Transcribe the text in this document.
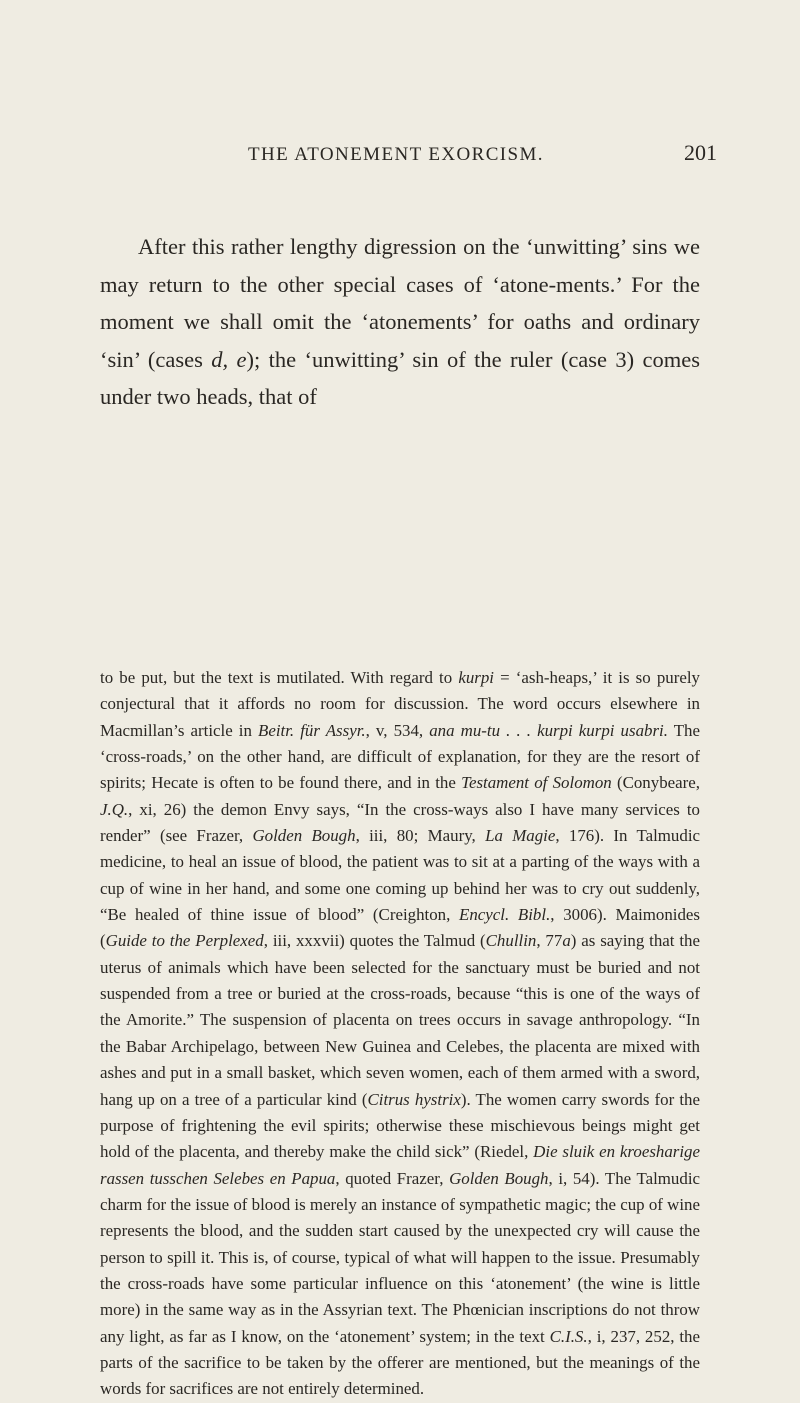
THE ATONEMENT EXORCISM.	201

After this rather lengthy digression on the ‘unwitting’ sins we may return to the other special cases of ‘atone-ments.’ For the moment we shall omit the ‘atonements’ for oaths and ordinary ‘sin’ (cases d, e); the ‘unwitting’ sin of the ruler (case 3) comes under two heads, that of

to be put, but the text is mutilated. With regard to kurpi = ‘ash-heaps,’ it is so purely conjectural that it affords no room for discussion. The word occurs elsewhere in Macmillan’s article in Beitr. für Assyr., v, 534, ana mu-tu . . . kurpi kurpi usabri. The ‘cross-roads,’ on the other hand, are difficult of explanation, for they are the resort of spirits; Hecate is often to be found there, and in the Testament of Solomon (Conybeare, J.Q., xi, 26) the demon Envy says, “In the cross-ways also I have many services to render” (see Frazer, Golden Bough, iii, 80; Maury, La Magie, 176). In Talmudic medicine, to heal an issue of blood, the patient was to sit at a parting of the ways with a cup of wine in her hand, and some one coming up behind her was to cry out suddenly, “Be healed of thine issue of blood” (Creighton, Encycl. Bibl., 3006). Maimonides (Guide to the Perplexed, iii, xxxvii) quotes the Talmud (Chullin, 77a) as saying that the uterus of animals which have been selected for the sanctuary must be buried and not suspended from a tree or buried at the cross-roads, because “this is one of the ways of the Amorite.” The suspension of placenta on trees occurs in savage anthropology. “In the Babar Archipelago, between New Guinea and Celebes, the placenta are mixed with ashes and put in a small basket, which seven women, each of them armed with a sword, hang up on a tree of a particular kind (Citrus hystrix). The women carry swords for the purpose of frightening the evil spirits; otherwise these mischievous beings might get hold of the placenta, and thereby make the child sick” (Riedel, Die sluik en kroesharige rassen tusschen Selebes en Papua, quoted Frazer, Golden Bough, i, 54). The Talmudic charm for the issue of blood is merely an instance of sympathetic magic; the cup of wine represents the blood, and the sudden start caused by the unexpected cry will cause the person to spill it. This is, of course, typical of what will happen to the issue. Presumably the cross-roads have some particular influence on this ‘atonement’ (the wine is little more) in the same way as in the Assyrian text. The Phœnician inscriptions do not throw any light, as far as I know, on the ‘atonement’ system; in the text C.I.S., i, 237, 252, the parts of the sacrifice to be taken by the offerer are mentioned, but the meanings of the words for sacrifices are not entirely determined.
